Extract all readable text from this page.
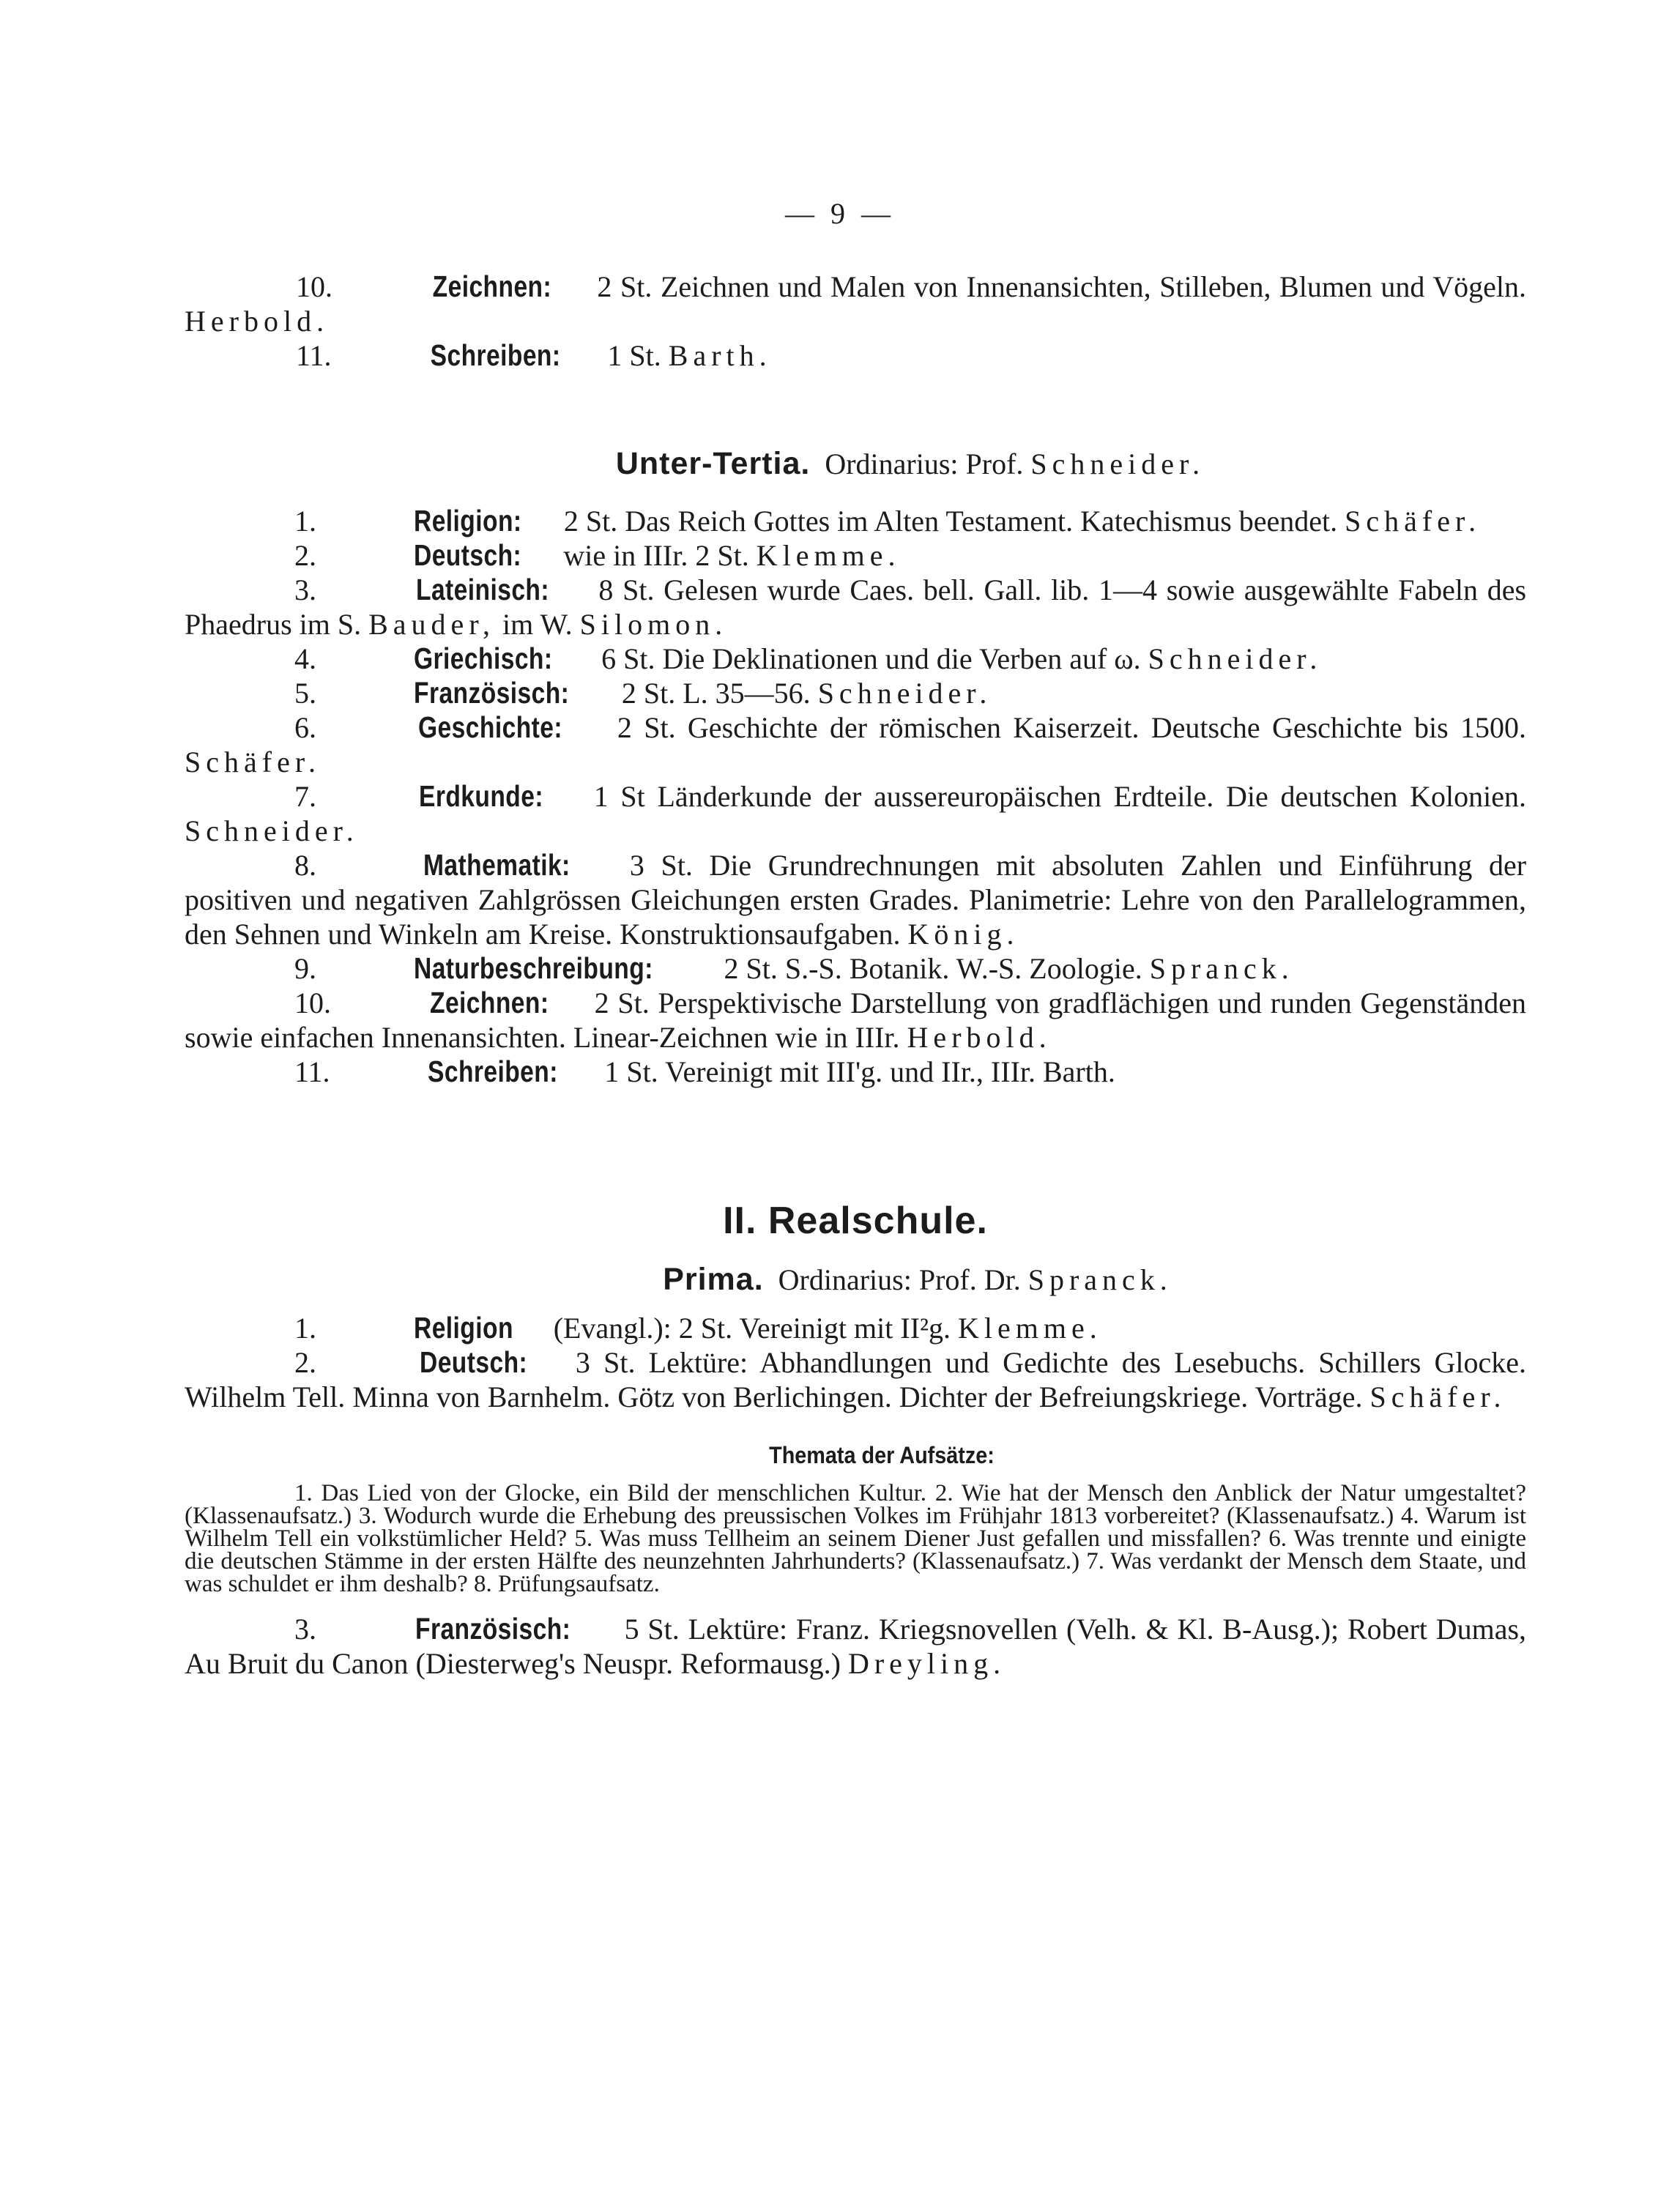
— 9 —

10.	Zeichnen: 2 St. Zeichnen und Malen von Innenansichten, Stilleben, Blumen und Vögeln. Herbold.

11.	Schreiben: 1 St. Barth.

Unter-Tertia. Ordinarius: Prof. Schneider.

1.	Religion: 2 St. Das Reich Gottes im Alten Testament. Katechismus beendet. Schäfer.

2.	Deutsch: wie in IIIr. 2 St. Klemme.

3.	Lateinisch: 8 St. Gelesen wurde Caes. bell. Gall. lib. 1—4 sowie ausgewählte Fabeln des Phaedrus im S. Bauder, im W. Silomon.

4.	Griechisch: 6 St. Die Deklinationen und die Verben auf ω. Schneider.

5.	Französisch: 2 St. L. 35—56. Schneider.

6.	Geschichte: 2 St. Geschichte der römischen Kaiserzeit. Deutsche Geschichte bis 1500. Schäfer.

7.	Erdkunde: 1 St Länderkunde der aussereuropäischen Erdteile. Die deutschen Kolonien. Schneider.

8.	Mathematik: 3 St. Die Grundrechnungen mit absoluten Zahlen und Einführung der positiven und negativen Zahlgrössen Gleichungen ersten Grades. Planimetrie: Lehre von den Parallelogrammen, den Sehnen und Winkeln am Kreise. Konstruktionsaufgaben. König.

9.	Naturbeschreibung: 2 St. S.-S. Botanik. W.-S. Zoologie. Spranck.

10.	Zeichnen: 2 St. Perspektivische Darstellung von gradflächigen und runden Gegenständen sowie einfachen Innenansichten. Linear-Zeichnen wie in IIIr. Herbold.

11.	Schreiben: 1 St. Vereinigt mit III'g. und IIr., IIIr. Barth.

II. Realschule.

Prima. Ordinarius: Prof. Dr. Spranck.

1.	Religion (Evangl.): 2 St. Vereinigt mit II²g. Klemme.

2.	Deutsch: 3 St. Lektüre: Abhandlungen und Gedichte des Lesebuchs. Schillers Glocke. Wilhelm Tell. Minna von Barnhelm. Götz von Berlichingen. Dichter der Befreiungskriege. Vorträge. Schäfer.

Themata der Aufsätze:

1. Das Lied von der Glocke, ein Bild der menschlichen Kultur. 2. Wie hat der Mensch den Anblick der Natur umgestaltet? (Klassenaufsatz.) 3. Wodurch wurde die Erhebung des preussischen Volkes im Frühjahr 1813 vorbereitet? (Klassenaufsatz.) 4. Warum ist Wilhelm Tell ein volkstümlicher Held? 5. Was muss Tellheim an seinem Diener Just gefallen und missfallen? 6. Was trennte und einigte die deutschen Stämme in der ersten Hälfte des neunzehnten Jahrhunderts? (Klassenaufsatz.) 7. Was verdankt der Mensch dem Staate, und was schuldet er ihm deshalb? 8. Prüfungsaufsatz.

3.	Französisch: 5 St. Lektüre: Franz. Kriegsnovellen (Velh. & Kl. B-Ausg.); Robert Dumas, Au Bruit du Canon (Diesterweg's Neuspr. Reformausg.) Dreyling.
